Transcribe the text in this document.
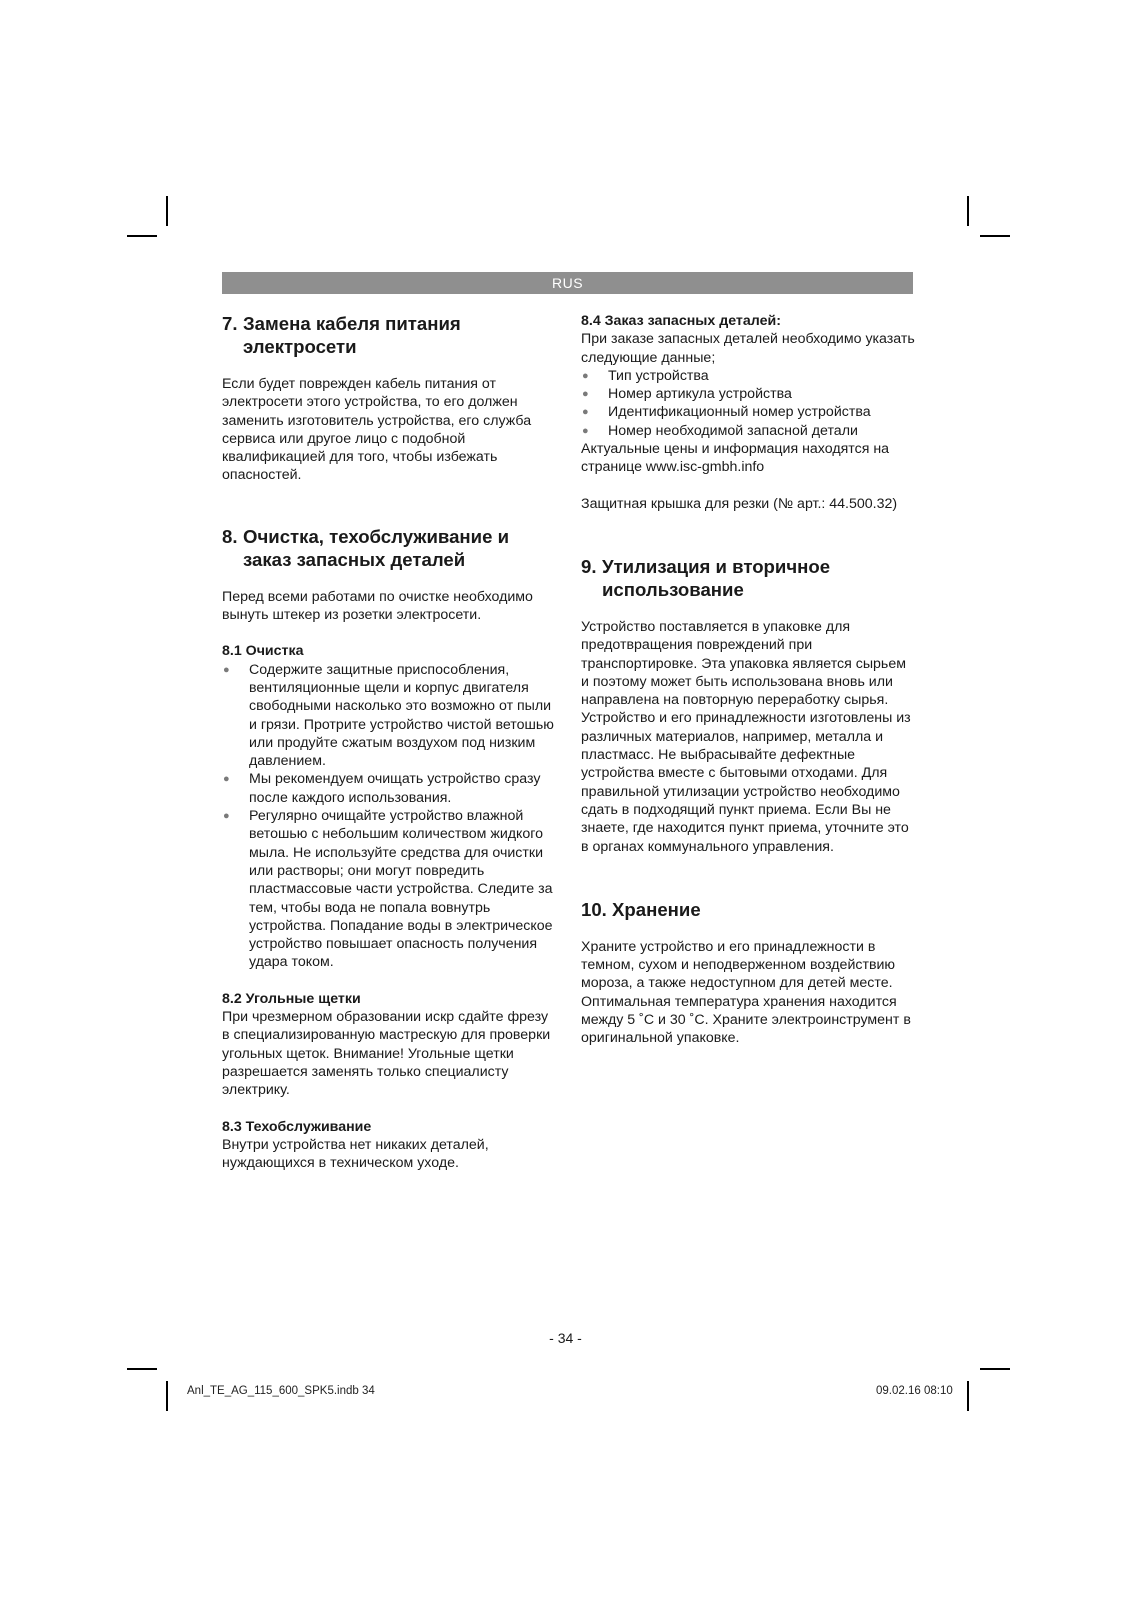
RUS
7. Замена кабеля питания
электросети

Если будет поврежден кабель питания от электросети этого устройства, то его должен заменить изготовитель устройства, его служба сервиса или другое лицо с подобной квалификацией для того, чтобы избежать опасностей.

8. Очистка, техобслуживание и
заказ запасных деталей

Перед всеми работами по очистке необходимо вынуть штекер из розетки электросети.

8.1 Очистка
● Содержите защитные приспособления, вентиляционные щели и корпус двигателя свободными насколько это возможно от пыли и грязи. Протрите устройство чистой ветошью или продуйте сжатым воздухом под низким давлением.
● Мы рекомендуем очищать устройство сразу после каждого использования.
● Регулярно очищайте устройство влажной ветошью с небольшим количеством жидкого мыла. Не используйте средства для очистки или растворы; они могут повредить пластмассовые части устройства. Следите за тем, чтобы вода не попала вовнутрь устройства. Попадание воды в электрическое устройство повышает опасность получения удара током.
8.2 Угольные щетки

При чрезмерном образовании искр сдайте фрезу в специализированную мастрескую для проверки угольных щеток. Внимание! Угольные щетки разрешается заменять только специалисту электрику.

8.3 Техобслуживание

Внутри устройства нет никаких деталей, нуждающихся в техническом уходе.

8.4 Заказ запасных деталей:

При заказе запасных деталей необходимо указать следующие данные;

● Тип устройства
● Номер артикула устройства
● Идентификационный номер устройства
● Номер необходимой запасной детали

Актуальные цены и информация находятся на странице www.isc-gmbh.info

Защитная крышка для резки (№ арт.: 44.500.32)

9. Утилизация и вторичное
использование

Устройство поставляется в упаковке для предотвращения повреждений при транспортировке. Эта упаковка является сырьем и поэтому может быть использована вновь или направлена на повторную переработку сырья. Устройство и его принадлежности изготовлены из различных материалов, например, металла и пластмасс. Не выбрасывайте дефектные устройства вместе с бытовыми отходами. Для правильной утилизации устройство необходимо сдать в подходящий пункт приема. Если Вы не знаете, где находится пункт приема, уточните это в органах коммунального управления.

10. Хранение

Храните устройство и его принадлежности в темном, сухом и неподверженном воздействию мороза, а также недоступном для детей месте. Оптимальная температура хранения находится между 5 ˚C и 30 ˚C. Храните электроинструмент в оригинальной упаковке.

- 34 -
Anl_TE_AG_115_600_SPK5.indb 34	09.02.16 08:10
